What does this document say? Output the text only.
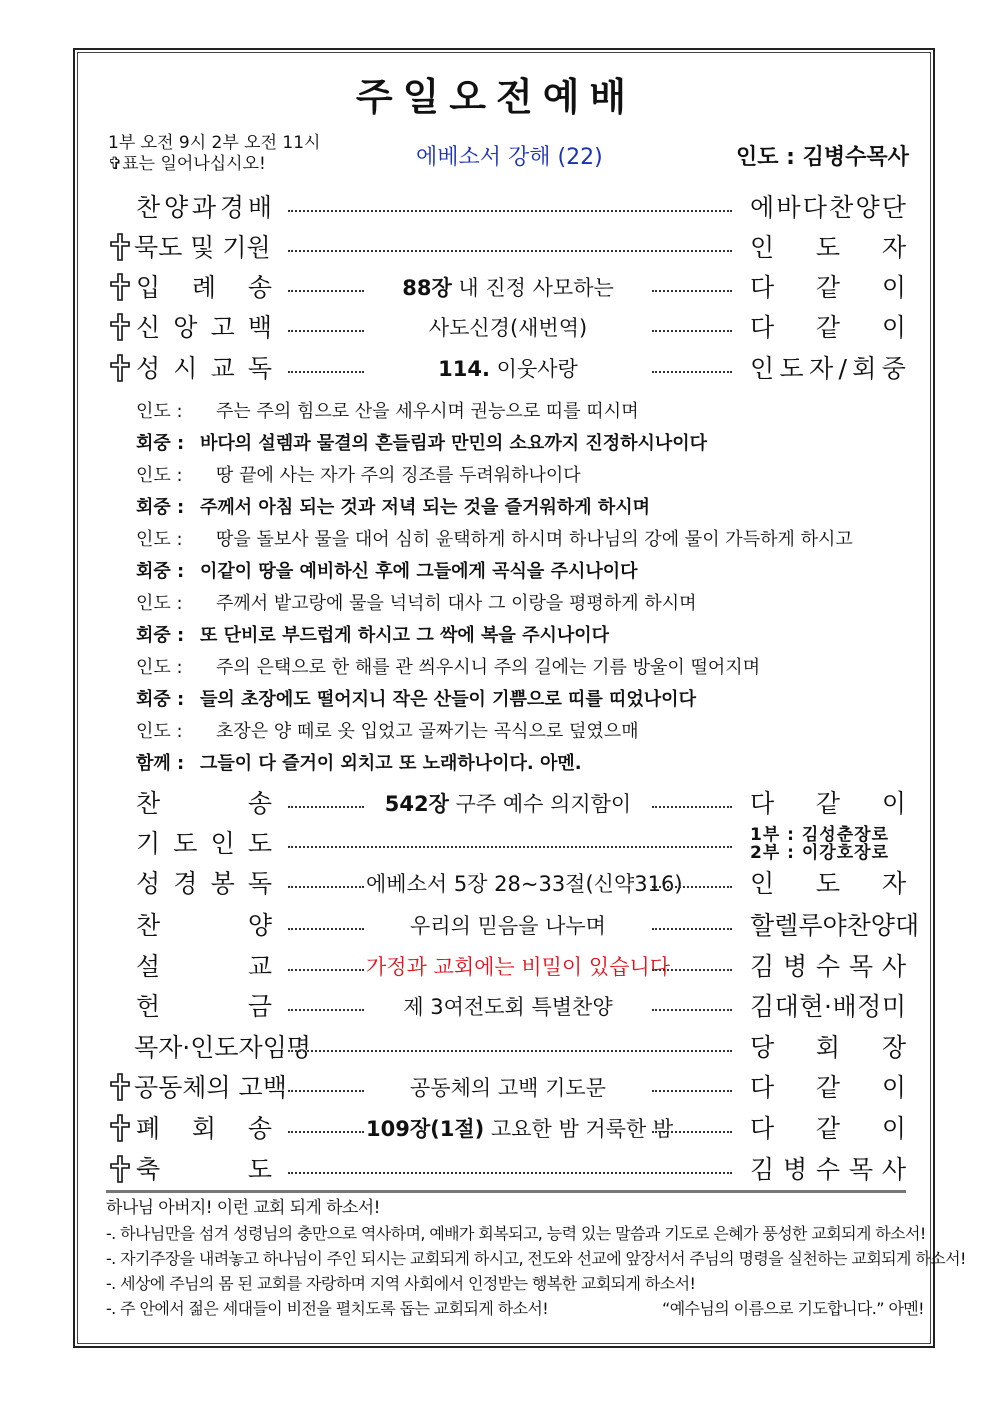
주일오전예배
1부 오전 9시 2부 오전 11시
✞표는 일어나십시오!	에베소서 강해 (22)	인도 : 김병수목사
찬 양 과 경 배	에 바 다 찬 양 단
묵도 및 기원	인 도 자
입 례 송	88장 내 진정 사모하는	다 같 이
신 앙 고 백	사도신경(새번역)	다 같 이
성 시 교 독	114. 이웃사랑	인 도 자 / 회 중
인도 : 주는 주의 힘으로 산을 세우시며 권능으로 띠를 띠시며
회중 : 바다의 설렘과 물결의 흔들림과 만민의 소요까지 진정하시나이다
인도 : 땅 끝에 사는 자가 주의 징조를 두려워하나이다
회중 : 주께서 아침 되는 것과 저녁 되는 것을 즐거워하게 하시며
인도 : 땅을 돌보사 물을 대어 심히 윤택하게 하시며 하나님의 강에 물이 가득하게 하시고
회중 : 이같이 땅을 예비하신 후에 그들에게 곡식을 주시나이다
인도 : 주께서 밭고랑에 물을 넉넉히 대사 그 이랑을 평평하게 하시며
회중 : 또 단비로 부드럽게 하시고 그 싹에 복을 주시나이다
인도 : 주의 은택으로 한 해를 관 씌우시니 주의 길에는 기름 방울이 떨어지며
회중 : 들의 초장에도 떨어지니 작은 산들이 기쁨으로 띠를 띠었나이다
인도 : 초장은 양 떼로 옷 입었고 골짜기는 곡식으로 덮였으매
함께 : 그들이 다 즐거이 외치고 또 노래하나이다. 아멘.
찬	송	542장 구주 예수 의지함이	다 같 이
기 도 인 도	1부 : 김성춘장로
2부 : 이강호장로
성 경 봉 독	에베소서 5장 28~33절(신약316)	인 도 자
찬	양	우리의 믿음을 나누며	할 렐 루 야 찬 양 대
설	교	가정과 교회에는 비밀이 있습니다	김 병 수 목 사
헌	금	제 3여전도회 특별찬양	김 대 현 · 배 정 미
목자·인도자임명	당 회 장
공동체의 고백	공동체의 고백 기도문	다 같 이
폐 회 송	109장(1절) 고요한 밤 거룩한 밤	다 같 이
축	도	김 병 수 목 사
하나님 아버지! 이런 교회 되게 하소서!
-. 하나님만을 섬겨 성령님의 충만으로 역사하며, 예배가 회복되고, 능력 있는 말씀과 기도로 은혜가 풍성한 교회되게 하소서!
-. 자기주장을 내려놓고 하나님이 주인 되시는 교회되게 하시고, 전도와 선교에 앞장서서 주님의 명령을 실천하는 교회되게 하소서!
-. 세상에 주님의 몸 된 교회를 자랑하며 지역 사회에서 인정받는 행복한 교회되게 하소서!
-. 주 안에서 젊은 세대들이 비전을 펼치도록 돕는 교회되게 하소서!	“예수님의 이름으로 기도합니다.” 아멘!
